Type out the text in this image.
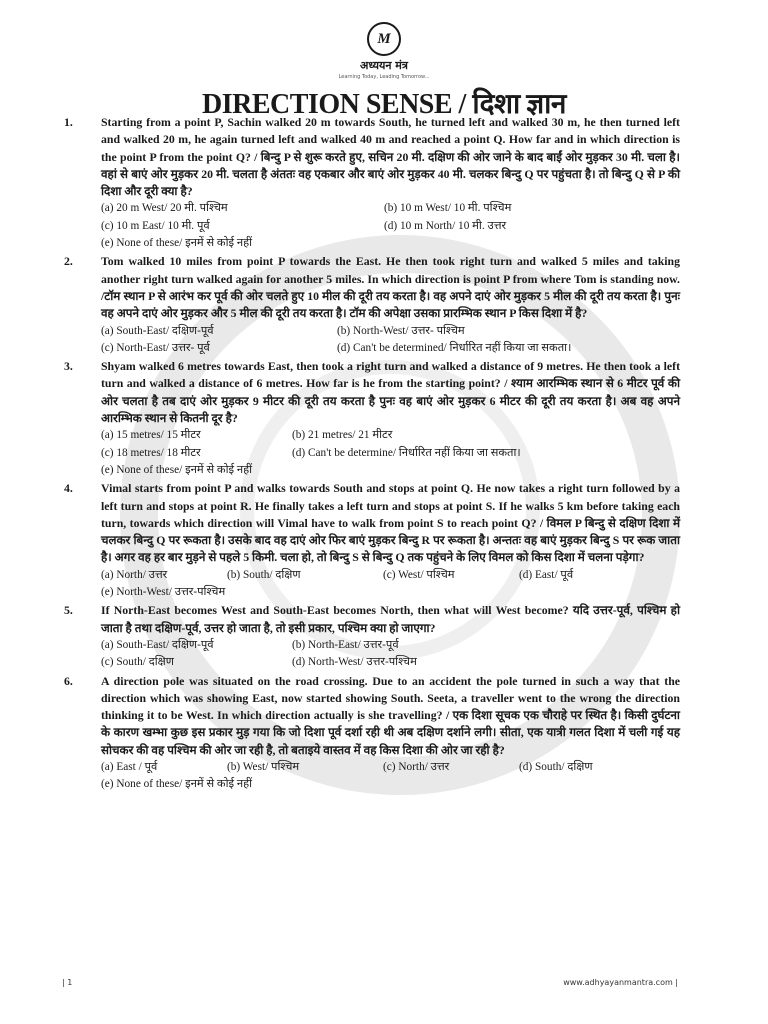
M
अध्ययन मंत्र
Learning Today, Leading Tomorrow...
DIRECTION SENSE / दिशा ज्ञान
1. Starting from a point P, Sachin walked 20 m towards South, he turned left and walked 30 m, he then turned left and walked 20 m, he again turned left and walked 40 m and reached a point Q. How far and in which direction is the point P from the point Q? / बिन्दु P से शुरू करते हुए, सचिन 20 मी. दक्षिण की ओर जाने के बाद बाईं ओर मुड़कर 30 मी. चला है। वहां से बाएं ओर मुड़कर 20 मी. चलता है अंततः वह एकबार और बाएं ओर मुड़कर 40 मी. चलकर बिन्दु Q पर पहुंचता है। तो बिन्दु Q से P की दिशा और दूरी क्या है?
(a) 20 m West/ 20 मी. पश्चिम	(b) 10 m West/ 10 मी. पश्चिम
(c) 10 m East/ 10 मी. पूर्व	(d) 10 m North/ 10 मी. उत्तर
(e) None of these/ इनमें से कोई नहीं
2. Tom walked 10 miles from point P towards the East. He then took right turn and walked 5 miles and taking another right turn walked again for another 5 miles. In which direction is point P from where Tom is standing now. /टॉम स्थान P से आरंभ कर पूर्व की ओर चलते हुए 10 मील की दूरी तय करता है। वह अपने दाएं ओर मुड़कर 5 मील की दूरी तय करता है। पुनः वह अपने दाएं ओर मुड़कर और 5 मील की दूरी तय करता है। टॉम की अपेक्षा उसका प्रारम्भिक स्थान P किस दिशा में है?
(a) South-East/ दक्षिण-पूर्व	(b) North-West/ उत्तर- पश्चिम
(c) North-East/ उत्तर- पूर्व	(d) Can't be determined/ निर्धारित नहीं किया जा सकता।
3. Shyam walked 6 metres towards East, then took a right turn and walked a distance of 9 metres. He then took a left turn and walked a distance of 6 metres. How far is he from the starting point? / श्याम आरम्भिक स्थान से 6 मीटर पूर्व की ओर चलता है तब दाएं ओर मुड़कर 9 मीटर की दूरी तय करता है पुनः वह बाएं ओर मुड़कर 6 मीटर की दूरी तय करता है। अब वह अपने आरम्भिक स्थान से कितनी दूर है?
(a) 15 metres/ 15 मीटर	(b) 21 metres/ 21 मीटर
(c) 18 metres/ 18 मीटर	(d) Can't be determine/ निर्धारित नहीं किया जा सकता।
(e) None of these/ इनमें से कोई नहीं
4. Vimal starts from point P and walks towards South and stops at point Q. He now takes a right turn followed by a left turn and stops at point R. He finally takes a left turn and stops at point S. If he walks 5 km before taking each turn, towards which direction will Vimal have to walk from point S to reach point Q? / विमल P बिन्दु से दक्षिण दिशा में चलकर बिन्दु Q पर रूकता है। उसके बाद वह दाएं ओर फिर बाएं मुड़कर बिन्दु R पर रूकता है। अन्ततः वह बाएं मुड़कर बिन्दु S पर रूक जाता है। अगर वह हर बार मुड़ने से पहले 5 किमी. चला हो, तो बिन्दु S से बिन्दु Q तक पहुंचने के लिए विमल को किस दिशा में चलना पड़ेगा?
(a) North/ उत्तर	(b) South/ दक्षिण	(c) West/ पश्चिम	(d) East/ पूर्व
(e) North-West/ उत्तर-पश्चिम
5. If North-East becomes West and South-East becomes North, then what will West become? यदि उत्तर-पूर्व, पश्चिम हो जाता है तथा दक्षिण-पूर्व, उत्तर हो जाता है, तो इसी प्रकार, पश्चिम क्या हो जाएगा?
(a) South-East/ दक्षिण-पूर्व	(b) North-East/ उत्तर-पूर्व
(c) South/ दक्षिण	(d) North-West/ उत्तर-पश्चिम
6. A direction pole was situated on the road crossing. Due to an accident the pole turned in such a way that the direction which was showing East, now started showing South. Seeta, a traveller went to the wrong the direction thinking it to be West. In which direction actually is she travelling? / एक दिशा सूचक एक चौराहे पर स्थित है। किसी दुर्घटना के कारण खम्भा कुछ इस प्रकार मुड़ गया कि जो दिशा पूर्व दर्शा रही थी अब दक्षिण दर्शाने लगी। सीता, एक यात्री गलत दिशा में चली गई यह सोचकर की वह पश्चिम की ओर जा रही है, तो बताइये वास्तव में वह किस दिशा की ओर जा रही है?
(a) East / पूर्व	(b) West/ पश्चिम	(c) North/ उत्तर	(d) South/ दक्षिण
(e) None of these/ इनमें से कोई नहीं
| 1	www.adhyayanmantra.com |
